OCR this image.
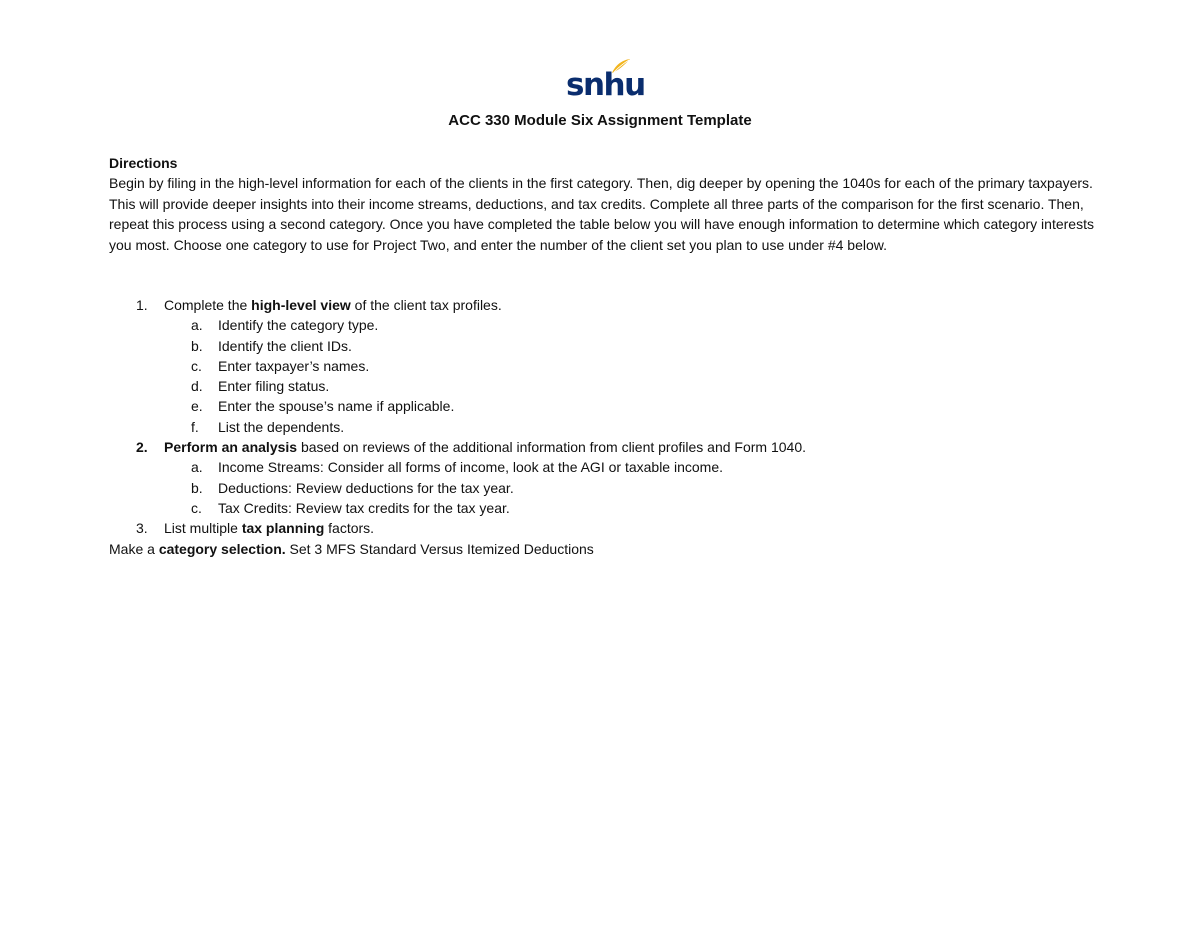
snhu
ACC 330 Module Six Assignment Template
Directions

Begin by filing in the high-level information for each of the clients in the first category. Then, dig deeper by opening the 1040s for each of the primary taxpayers. This will provide deeper insights into their income streams, deductions, and tax credits. Complete all three parts of the comparison for the first scenario. Then, repeat this process using a second category. Once you have completed the table below you will have enough information to determine which category interests you most. Choose one category to use for Project Two, and enter the number of the client set you plan to use under #4 below.

1.	Complete the high-level view of the client tax profiles.
a.	Identify the category type.
b.	Identify the client IDs.
c.	Enter taxpayer’s names.
d.	Enter filing status.
e.	Enter the spouse’s name if applicable.
f.	List the dependents.
2.	Perform an analysis based on reviews of the additional information from client profiles and Form 1040.
a.	Income Streams: Consider all forms of income, look at the AGI or taxable income.
b.	Deductions: Review deductions for the tax year.
c.	Tax Credits: Review tax credits for the tax year.
3.	List multiple tax planning factors.
Make a category selection. Set 3 MFS Standard Versus Itemized Deductions
